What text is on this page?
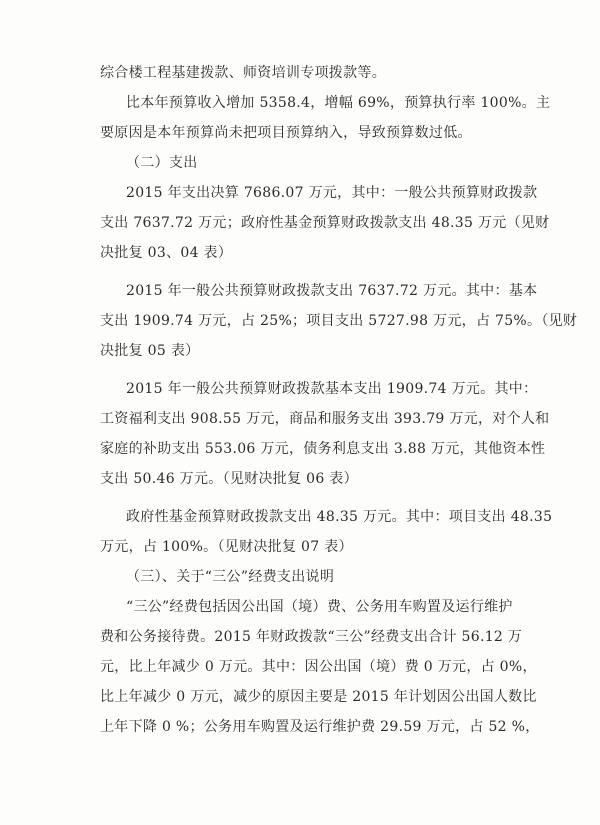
综合楼工程基建拨款、师资培训专项拨款等。
比本年预算收入增加 5358.4，增幅 69%，预算执行率 100%。主
要原因是本年预算尚未把项目预算纳入，导致预算数过低。
（二）支出
2015 年支出决算 7686.07 万元，其中：一般公共预算财政拨款
支出 7637.72 万元；政府性基金预算财政拨款支出 48.35 万元（见财
决批复 03、04 表）
2015 年一般公共预算财政拨款支出 7637.72 万元。其中：基本
支出 1909.74 万元，占 25%；项目支出 5727.98 万元，占 75%。（见财
决批复 05 表）
2015 年一般公共预算财政拨款基本支出 1909.74 万元。其中：
工资福利支出 908.55 万元，商品和服务支出 393.79 万元，对个人和
家庭的补助支出 553.06 万元，债务利息支出 3.88 万元，其他资本性
支出 50.46 万元。（见财决批复 06 表）
政府性基金预算财政拨款支出 48.35 万元。其中：项目支出 48.35
万元，占 100%。（见财决批复 07 表）
（三）、关于“三公”经费支出说明
“三公”经费包括因公出国（境）费、公务用车购置及运行维护
费和公务接待费。2015 年财政拨款“三公”经费支出合计 56.12 万
元，比上年减少 0 万元。其中：因公出国（境）费 0 万元，占 0%，
比上年减少 0 万元，减少的原因主要是 2015 年计划因公出国人数比
上年下降 0 %；公务用车购置及运行维护费 29.59 万元，占 52 %，
